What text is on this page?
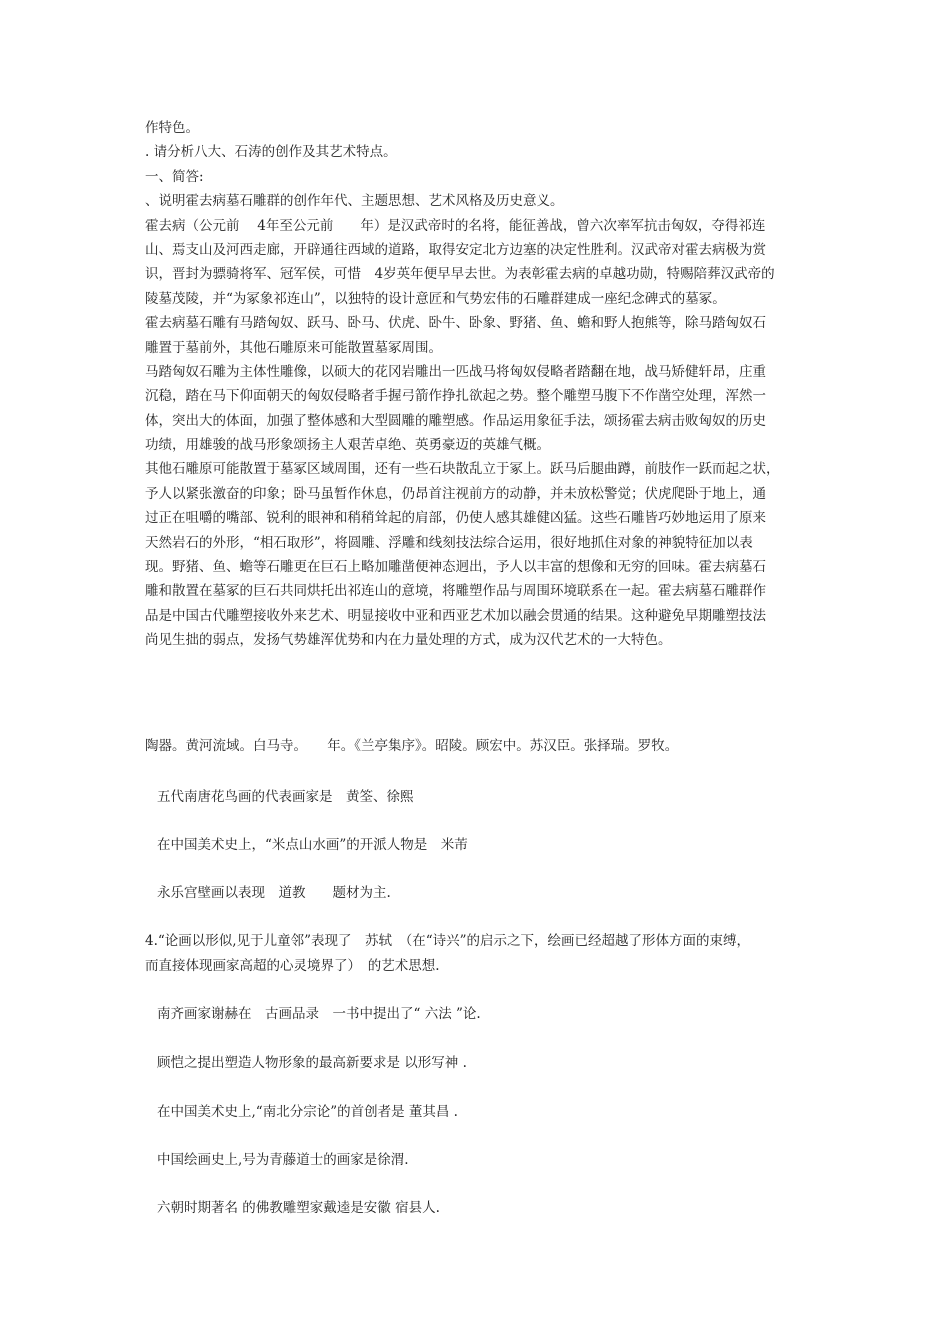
作特色。
. 请分析八大、石涛的创作及其艺术特点。
一、简答:
、说明霍去病墓石雕群的创作年代、主题思想、艺术风格及历史意义。
霍去病（公元前　 4年至公元前　　年）是汉武帝时的名将，能征善战，曾六次率军抗击匈奴，夺得祁连
山、焉支山及河西走廊，开辟通往西域的道路，取得安定北方边塞的决定性胜利。汉武帝对霍去病极为赏
识，晋封为骠骑将军、冠军侯，可惜　4岁英年便早早去世。为表彰霍去病的卓越功勋，特赐陪葬汉武帝的
陵墓茂陵，并“为冢象祁连山”，以独特的设计意匠和气势宏伟的石雕群建成一座纪念碑式的墓冢。
霍去病墓石雕有马踏匈奴、跃马、卧马、伏虎、卧牛、卧象、野猪、鱼、蟾和野人抱熊等，除马踏匈奴石
雕置于墓前外，其他石雕原来可能散置墓冢周围。
马踏匈奴石雕为主体性雕像，以硕大的花冈岩雕出一匹战马将匈奴侵略者踏翻在地，战马矫健轩昂，庄重
沉稳，踏在马下仰面朝天的匈奴侵略者手握弓箭作挣扎欲起之势。整个雕塑马腹下不作凿空处理，浑然一
体，突出大的体面，加强了整体感和大型圆雕的雕塑感。作品运用象征手法，颂扬霍去病击败匈奴的历史
功绩，用雄骏的战马形象颂扬主人艰苦卓绝、英勇豪迈的英雄气概。
其他石雕原可能散置于墓冢区域周围，还有一些石块散乱立于冢上。跃马后腿曲蹲，前肢作一跃而起之状，
予人以紧张激奋的印象；卧马虽暂作休息，仍昂首注视前方的动静，并未放松警觉；伏虎爬卧于地上，通
过正在咀嚼的嘴部、锐利的眼神和稍稍耸起的肩部，仍使人感其雄健凶猛。这些石雕皆巧妙地运用了原来
天然岩石的外形，“相石取形”，将圆雕、浮雕和线刻技法综合运用，很好地抓住对象的神貌特征加以表
现。野猪、鱼、蟾等石雕更在巨石上略加雕凿便神态迥出，予人以丰富的想像和无穷的回味。霍去病墓石
雕和散置在墓冢的巨石共同烘托出祁连山的意境，将雕塑作品与周围环境联系在一起。霍去病墓石雕群作
品是中国古代雕塑接收外来艺术、明显接收中亚和西亚艺术加以融会贯通的结果。这种避免早期雕塑技法
尚见生拙的弱点，发扬气势雄浑优势和内在力量处理的方式，成为汉代艺术的一大特色。
陶器。黄河流域。白马寺。　　年。《兰亭集序》。昭陵。顾宏中。苏汉臣。张择瑞。罗牧。
五代南唐花鸟画的代表画家是　黄筌、徐熙
在中国美术史上，“米点山水画”的开派人物是　米芾
永乐宫壁画以表现　道教　　题材为主.
4.“论画以形似,见于儿童邻”表现了　苏轼　（在“诗兴”的启示之下，绘画已经超越了形体方面的束缚，
而直接体现画家高超的心灵境界了）　的艺术思想.
南齐画家谢赫在　古画品录　一书中提出了“ 六法 ”论.
顾恺之提出塑造人物形象的最高新要求是 以形写神 .
在中国美术史上,“南北分宗论”的首创者是 董其昌 .
中国绘画史上,号为青藤道士的画家是徐渭.
六朝时期著名 的佛教雕塑家戴逵是安徽 宿县人.
